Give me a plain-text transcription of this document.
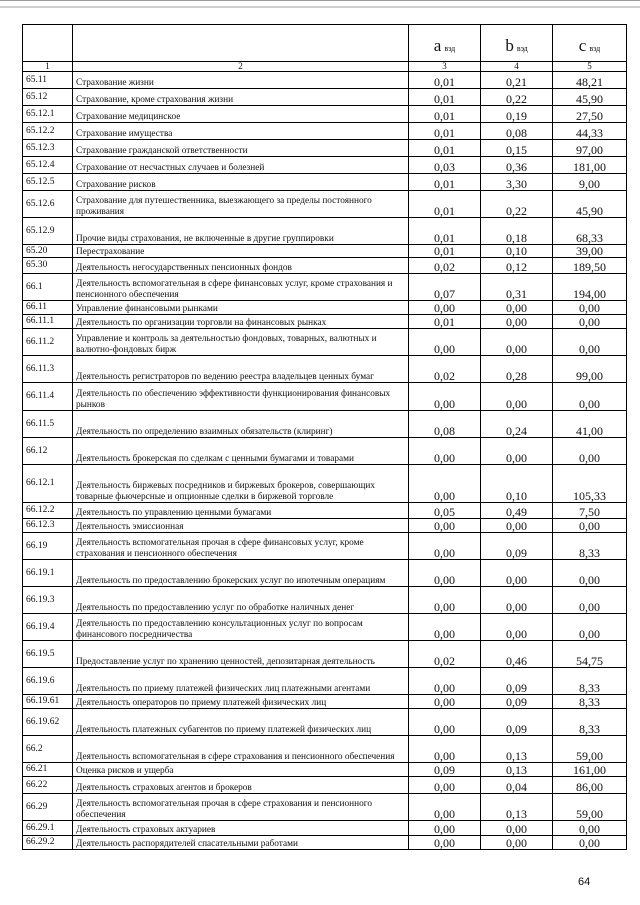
		a вэд	b вэд	c вэд
1	2	3	4	5
65.11	Страхование жизни	0,01	0,21	48,21
65.12	Страхование, кроме страхования жизни	0,01	0,22	45,90
65.12.1	Страхование медицинское	0,01	0,19	27,50
65.12.2	Страхование имущества	0,01	0,08	44,33
65.12.3	Страхование гражданской ответственности	0,01	0,15	97,00
65.12.4	Страхование от несчастных случаев и болезней	0,03	0,36	181,00
65.12.5	Страхование рисков	0,01	3,30	9,00
65.12.6	Страхование для путешественника, выезжающего за пределы постоянного проживания	0,01	0,22	45,90
65.12.9	Прочие виды страхования, не включенные в другие группировки	0,01	0,18	68,33
65.20	Перестрахование	0,01	0,10	39,00
65.30	Деятельность негосударственных пенсионных фондов	0,02	0,12	189,50
66.1	Деятельность вспомогательная в сфере финансовых услуг, кроме страхования и пенсионного обеспечения	0,07	0,31	194,00
66.11	Управление финансовыми рынками	0,00	0,00	0,00
66.11.1	Деятельность по организации торговли на финансовых рынках	0,01	0,00	0,00
66.11.2	Управление и контроль за деятельностью фондовых, товарных, валютных и валютно-фондовых бирж	0,00	0,00	0,00
66.11.3	Деятельность регистраторов по ведению реестра владельцев ценных бумаг	0,02	0,28	99,00
66.11.4	Деятельность по обеспечению эффективности функционирования финансовых рынков	0,00	0,00	0,00
66.11.5	Деятельность по определению взаимных обязательств (клиринг)	0,08	0,24	41,00
66.12	Деятельность брокерская по сделкам с ценными бумагами и товарами	0,00	0,00	0,00
66.12.1	Деятельность биржевых посредников и биржевых брокеров, совершающих товарные фьючерсные и опционные сделки в биржевой торговле	0,00	0,10	105,33
66.12.2	Деятельность по управлению ценными бумагами	0,05	0,49	7,50
66.12.3	Деятельность эмиссионная	0,00	0,00	0,00
66.19	Деятельность вспомогательная прочая в сфере финансовых услуг, кроме страхования и пенсионного обеспечения	0,00	0,09	8,33
66.19.1	Деятельность по предоставлению брокерских услуг по ипотечным операциям	0,00	0,00	0,00
66.19.3	Деятельность по предоставлению услуг по обработке наличных денег	0,00	0,00	0,00
66.19.4	Деятельность по предоставлению консультационных услуг по вопросам финансового посредничества	0,00	0,00	0,00
66.19.5	Предоставление услуг по хранению ценностей, депозитарная деятельность	0,02	0,46	54,75
66.19.6	Деятельность по приему платежей физических лиц платежными агентами	0,00	0,09	8,33
66.19.61	Деятельность операторов по приему платежей физических лиц	0,00	0,09	8,33
66.19.62	Деятельность платежных субагентов по приему платежей физических лиц	0,00	0,09	8,33
66.2	Деятельность вспомогательная в сфере страхования и пенсионного обеспечения	0,00	0,13	59,00
66.21	Оценка рисков и ущерба	0,09	0,13	161,00
66.22	Деятельность страховых агентов и брокеров	0,00	0,04	86,00
66.29	Деятельность вспомогательная прочая в сфере страхования и пенсионного обеспечения	0,00	0,13	59,00
66.29.1	Деятельность страховых актуариев	0,00	0,00	0,00
66.29.2	Деятельность распорядителей спасательными работами	0,00	0,00	0,00
64
